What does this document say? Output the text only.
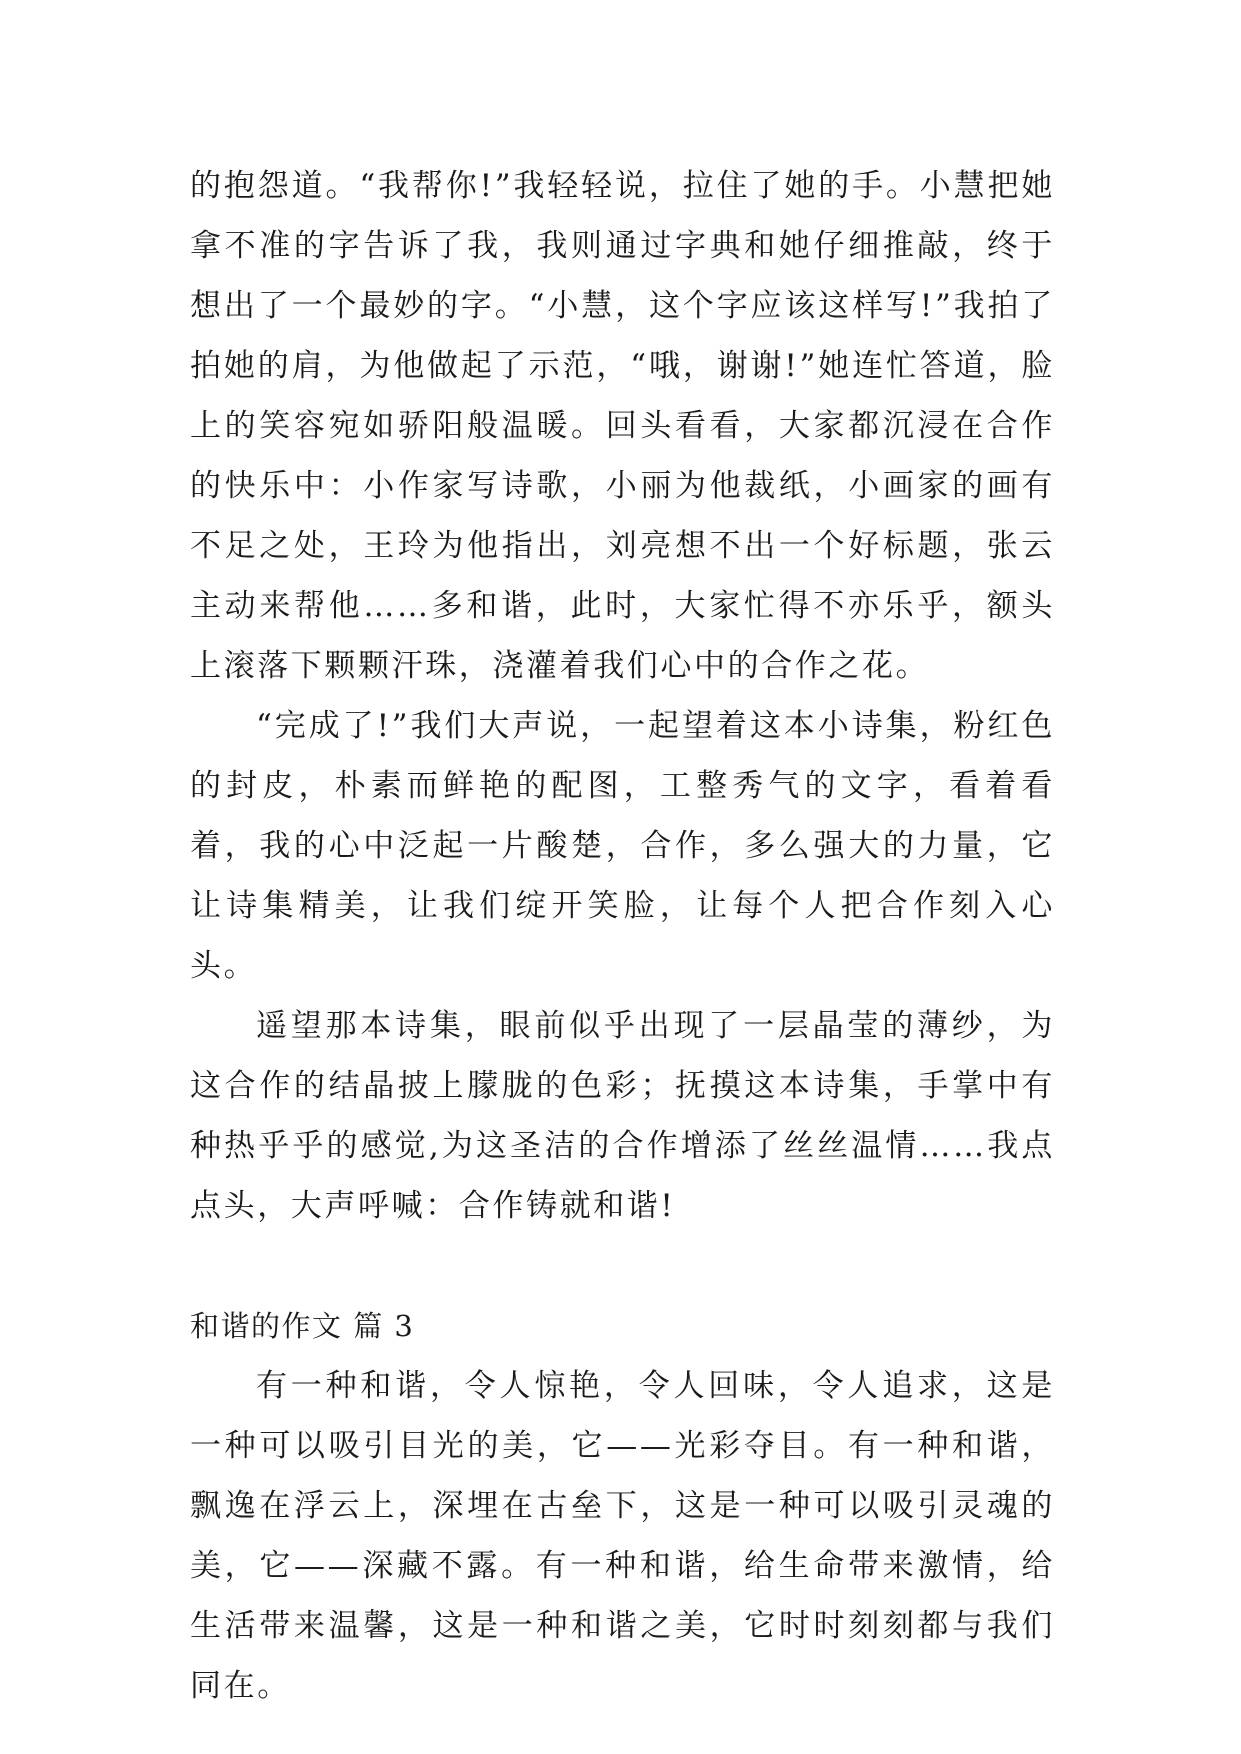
的抱怨道。“我帮你!”我轻轻说，拉住了她的手。小慧把她拿不准的字告诉了我，我则通过字典和她仔细推敲，终于想出了一个最妙的字。“小慧，这个字应该这样写!”我拍了拍她的肩，为他做起了示范，“哦，谢谢!”她连忙答道，脸上的笑容宛如骄阳般温暖。回头看看，大家都沉浸在合作的快乐中：小作家写诗歌，小丽为他裁纸，小画家的画有不足之处，王玲为他指出，刘亮想不出一个好标题，张云主动来帮他……多和谐，此时，大家忙得不亦乐乎，额头上滚落下颗颗汗珠，浇灌着我们心中的合作之花。

“完成了!”我们大声说，一起望着这本小诗集，粉红色的封皮，朴素而鲜艳的配图，工整秀气的文字，看着看着，我的心中泛起一片酸楚，合作，多么强大的力量，它让诗集精美，让我们绽开笑脸，让每个人把合作刻入心头。

遥望那本诗集，眼前似乎出现了一层晶莹的薄纱，为这合作的结晶披上朦胧的色彩；抚摸这本诗集，手掌中有种热乎乎的感觉,为这圣洁的合作增添了丝丝温情……我点点头，大声呼喊：合作铸就和谐!

和谐的作文 篇 3

有一种和谐，令人惊艳，令人回味，令人追求，这是一种可以吸引目光的美，它——光彩夺目。有一种和谐，飘逸在浮云上，深埋在古垒下，这是一种可以吸引灵魂的美，它——深藏不露。有一种和谐，给生命带来激情，给生活带来温馨，这是一种和谐之美，它时时刻刻都与我们同在。
